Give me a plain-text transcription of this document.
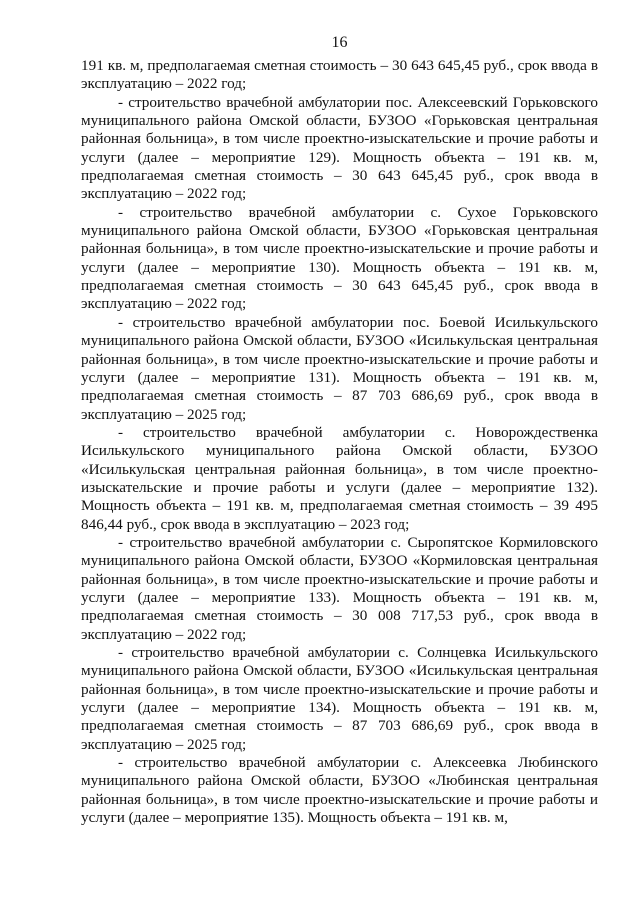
16

191 кв. м, предполагаемая сметная стоимость – 30 643 645,45 руб., срок ввода в эксплуатацию – 2022 год;

- строительство врачебной амбулатории пос. Алексеевский Горьковского муниципального района Омской области, БУЗОО «Горьковская центральная районная больница», в том числе проектно-изыскательские и прочие работы и услуги (далее – мероприятие 129). Мощность объекта – 191 кв. м, предполагаемая сметная стоимость – 30 643 645,45 руб., срок ввода в эксплуатацию – 2022 год;

- строительство врачебной амбулатории с. Сухое Горьковского муниципального района Омской области, БУЗОО «Горьковская центральная районная больница», в том числе проектно-изыскательские и прочие работы и услуги (далее – мероприятие 130). Мощность объекта – 191 кв. м, предполагаемая сметная стоимость – 30 643 645,45 руб., срок ввода в эксплуатацию – 2022 год;

- строительство врачебной амбулатории пос. Боевой Исилькульского муниципального района Омской области, БУЗОО «Исилькульская центральная районная больница», в том числе проектно-изыскательские и прочие работы и услуги (далее – мероприятие 131). Мощность объекта – 191 кв. м, предполагаемая сметная стоимость – 87 703 686,69 руб., срок ввода в эксплуатацию – 2025 год;

- строительство врачебной амбулатории с. Новорождественка Исилькульского муниципального района Омской области, БУЗОО «Исилькульская центральная районная больница», в том числе проектно-изыскательские и прочие работы и услуги (далее – мероприятие 132). Мощность объекта – 191 кв. м, предполагаемая сметная стоимость – 39 495 846,44 руб., срок ввода в эксплуатацию – 2023 год;

- строительство врачебной амбулатории с. Сыропятское Кормиловского муниципального района Омской области, БУЗОО «Кормиловская центральная районная больница», в том числе проектно-изыскательские и прочие работы и услуги (далее – мероприятие 133). Мощность объекта – 191 кв. м, предполагаемая сметная стоимость – 30 008 717,53 руб., срок ввода в эксплуатацию – 2022 год;

- строительство врачебной амбулатории с. Солнцевка Исилькульского муниципального района Омской области, БУЗОО «Исилькульская центральная районная больница», в том числе проектно-изыскательские и прочие работы и услуги (далее – мероприятие 134). Мощность объекта – 191 кв. м, предполагаемая сметная стоимость – 87 703 686,69 руб., срок ввода в эксплуатацию – 2025 год;

- строительство врачебной амбулатории с. Алексеевка Любинского муниципального района Омской области, БУЗОО «Любинская центральная районная больница», в том числе проектно-изыскательские и прочие работы и услуги (далее – мероприятие 135). Мощность объекта – 191 кв. м,
